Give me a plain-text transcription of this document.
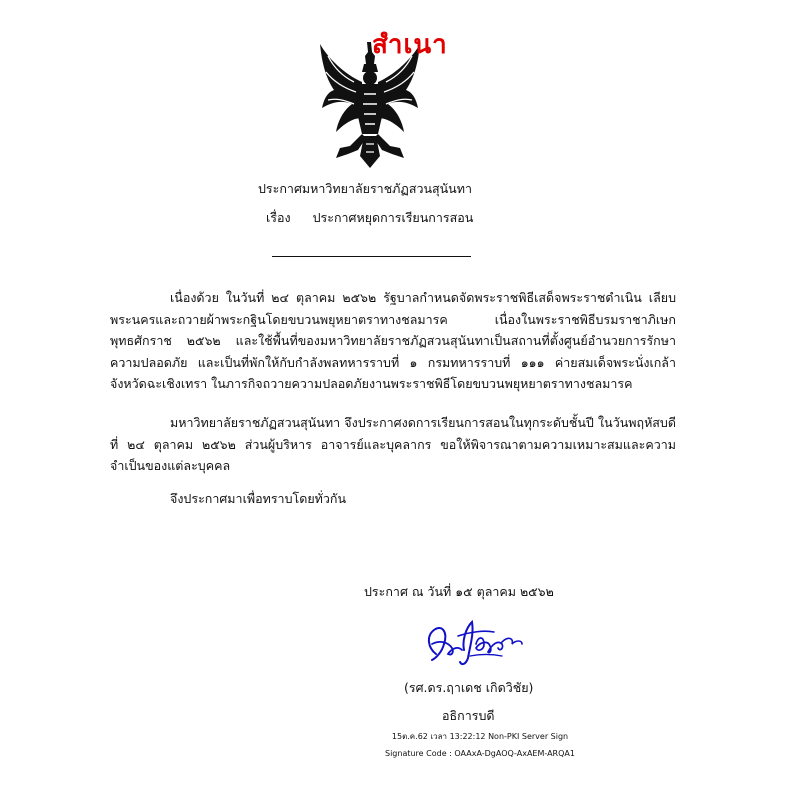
สำเนา
ประกาศมหาวิทยาลัยราชภัฏสวนสุนันทา
เรื่อง ประกาศหยุดการเรียนการสอน

เนื่องด้วย ในวันที่ ๒๔ ตุลาคม ๒๕๖๒ รัฐบาลกำหนดจัดพระราชพิธีเสด็จพระราชดำเนิน เลียบพระนครและถวายผ้าพระกฐินโดยขบวนพยุหยาตราทางชลมารค เนื่องในพระราชพิธีบรมราชาภิเษก พุทธศักราช ๒๕๖๒ และใช้พื้นที่ของมหาวิทยาลัยราชภัฏสวนสุนันทาเป็นสถานที่ตั้งศูนย์อำนวยการรักษาความปลอดภัย และเป็นที่พักให้กับกำลังพลทหารราบที่ ๑ กรมทหารราบที่ ๑๑๑ ค่ายสมเด็จพระนั่งเกล้า จังหวัดฉะเชิงเทรา ในภารกิจถวายความปลอดภัยงานพระราชพิธีโดยขบวนพยุหยาตราทางชลมารค

มหาวิทยาลัยราชภัฏสวนสุนันทา จึงประกาศงดการเรียนการสอนในทุกระดับชั้นปี ในวันพฤหัสบดีที่ ๒๔ ตุลาคม ๒๕๖๒ ส่วนผู้บริหาร อาจารย์และบุคลากร ขอให้พิจารณาตามความเหมาะสมและความจำเป็นของแต่ละบุคคล

จึงประกาศมาเพื่อทราบโดยทั่วกัน

ประกาศ ณ วันที่ ๑๕ ตุลาคม ๒๕๖๒
(รศ.ดร.ฤาเดช เกิดวิชัย)
อธิการบดี
15ต.ค.62 เวลา 13:22:12 Non-PKI Server Sign
Signature Code : OAAxA-DgAOQ-AxAEM-ARQA1
